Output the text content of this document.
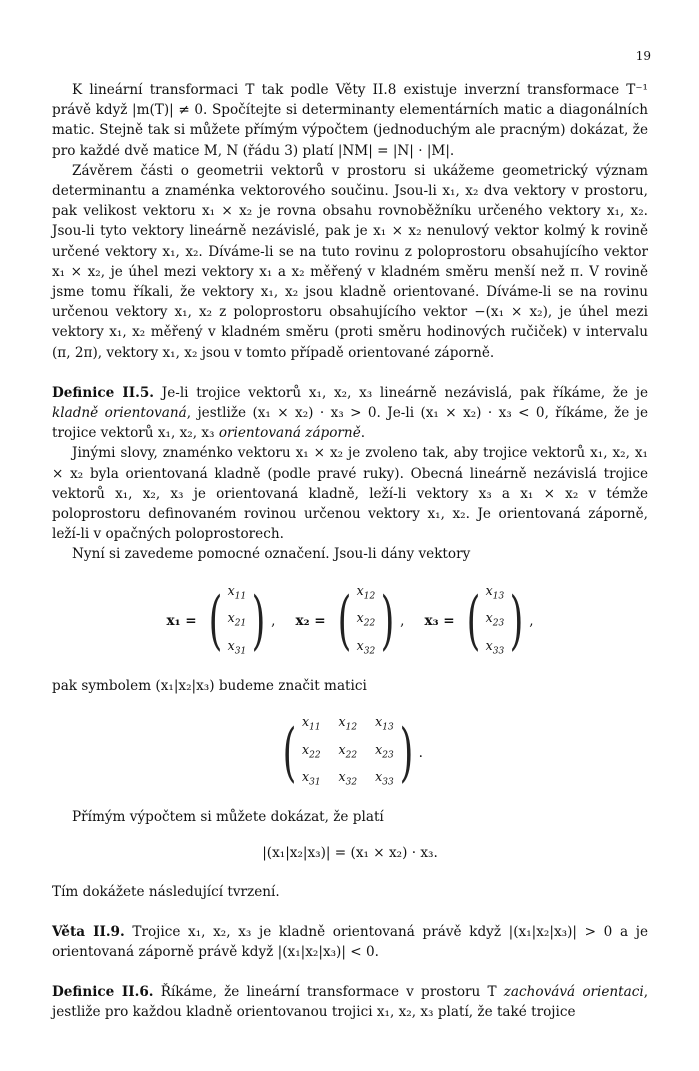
19

K lineární transformaci T tak podle Věty II.8 existuje inverzní transformace T⁻¹ právě když |m(T)| ≠ 0. Spočítejte si determinanty elementárních matic a diagonálních matic. Stejně tak si můžete přímým výpočtem (jednoduchým ale pracným) dokázat, že pro každé dvě matice M, N (řádu 3) platí |NM| = |N| · |M|.

Závěrem části o geometrii vektorů v prostoru si ukážeme geometrický význam determinantu a znaménka vektorového součinu. Jsou-li x₁, x₂ dva vektory v prostoru, pak velikost vektoru x₁ × x₂ je rovna obsahu rovnoběžníku určeného vektory x₁, x₂. Jsou-li tyto vektory lineárně nezávislé, pak je x₁ × x₂ nenulový vektor kolmý k rovině určené vektory x₁, x₂. Díváme-li se na tuto rovinu z poloprostoru obsahujícího vektor x₁ × x₂, je úhel mezi vektory x₁ a x₂ měřený v kladném směru menší než π. V rovině jsme tomu říkali, že vektory x₁, x₂ jsou kladně orientované. Díváme-li se na rovinu určenou vektory x₁, x₂ z poloprostoru obsahujícího vektor −(x₁ × x₂), je úhel mezi vektory x₁, x₂ měřený v kladném směru (proti směru hodinových ručiček) v intervalu (π, 2π), vektory x₁, x₂ jsou v tomto případě orientované záporně.

Definice II.5. Je-li trojice vektorů x₁, x₂, x₃ lineárně nezávislá, pak říkáme, že je kladně orientovaná, jestliže (x₁ × x₂) · x₃ > 0. Je-li (x₁ × x₂) · x₃ < 0, říkáme, že je trojice vektorů x₁, x₂, x₃ orientovaná záporně.

Jinými slovy, znaménko vektoru x₁ × x₂ je zvoleno tak, aby trojice vektorů x₁, x₂, x₁ × x₂ byla orientovaná kladně (podle pravé ruky). Obecná lineárně nezávislá trojice vektorů x₁, x₂, x₃ je orientovaná kladně, leží-li vektory x₃ a x₁ × x₂ v témže poloprostoru definovaném rovinou určenou vektory x₁, x₂. Je orientovaná záporně, leží-li v opačných poloprostorech.

Nyní si zavedeme pomocné označení. Jsou-li dány vektory

x₁ = ( $x_{11}$
$x_{21}$
$x_{31}$ ) , x₂ = ( $x_{12}$
$x_{22}$
$x_{32}$ ) , x₃ = ( $x_{13}$
$x_{23}$
$x_{33}$ ) ,

pak symbolem (x₁|x₂|x₃) budeme značit matici

( $x_{11}$ $x_{12}$ $x_{13}$
$x_{22}$ $x_{22}$ $x_{23}$
$x_{31}$ $x_{32}$ $x_{33}$ ) .

Přímým výpočtem si můžete dokázat, že platí

|(x₁|x₂|x₃)| = (x₁ × x₂) · x₃.

Tím dokážete následující tvrzení.

Věta II.9. Trojice x₁, x₂, x₃ je kladně orientovaná právě když |(x₁|x₂|x₃)| > 0 a je orientovaná záporně právě když |(x₁|x₂|x₃)| < 0.

Definice II.6. Říkáme, že lineární transformace v prostoru T zachovává orientaci, jestliže pro každou kladně orientovanou trojici x₁, x₂, x₃ platí, že také trojice
